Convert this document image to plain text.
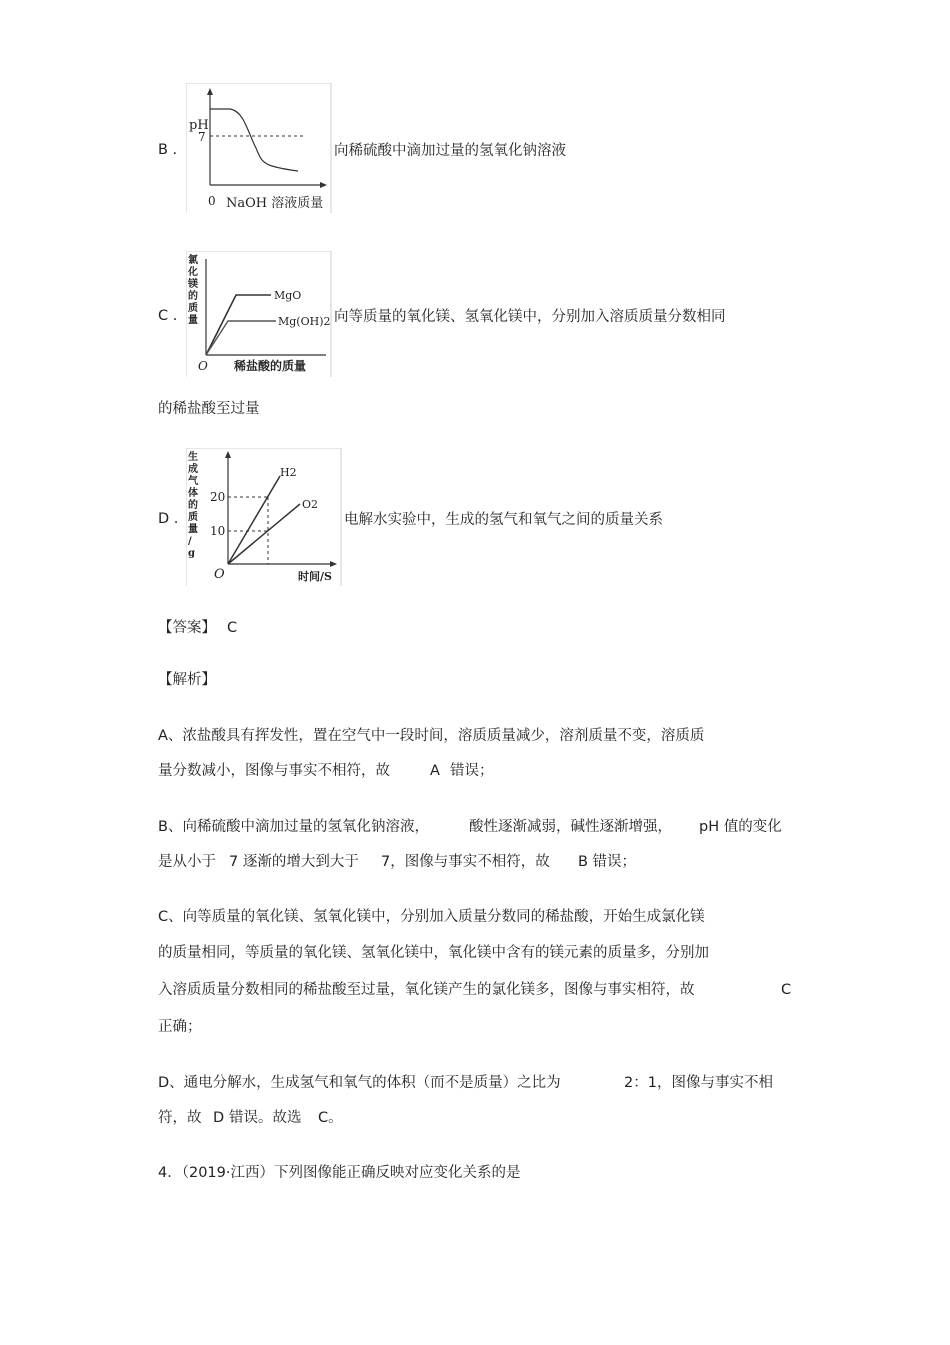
B .
pH
7
0 NaOH 溶液质量
向稀硫酸中滴加过量的氢氧化钠溶液
C .
氯 化 镁 的 质 量
MgO
Mg(OH)2
O 稀盐酸的质量
向等质量的氧化镁、氢氧化镁中，分别加入溶质质量分数相同
的稀盐酸至过量
D .
生 成 气 体 的 质 量 / g
20
10
H2
O2
O	时间/S
电解水实验中，生成的氢气和氧气之间的质量关系
【答案】 C
【解析】
A、浓盐酸具有挥发性，置在空气中一段时间，溶质质量减少，溶剂质量不变，溶质质
量分数减小，图像与事实不相符，故	A 错误；
B、向稀硫酸中滴加过量的氢氧化钠溶液，	酸性逐渐减弱，碱性逐渐增强， pH 值的变化
是从小于 7 逐渐的增大到大于 7，图像与事实不相符，故 B 错误；
C、向等质量的氧化镁、氢氧化镁中，分别加入质量分数同的稀盐酸，开始生成氯化镁
的质量相同，等质量的氧化镁、氢氧化镁中，氧化镁中含有的镁元素的质量多，分别加
入溶质质量分数相同的稀盐酸至过量，氧化镁产生的氯化镁多，图像与事实相符，故	C
正确；
D、通电分解水，生成氢气和氧气的体积（而不是质量）之比为	2：1，图像与事实不相
符，故 D 错误。故选 C。
4．（2019·江西）下列图像能正确反映对应变化关系的是
